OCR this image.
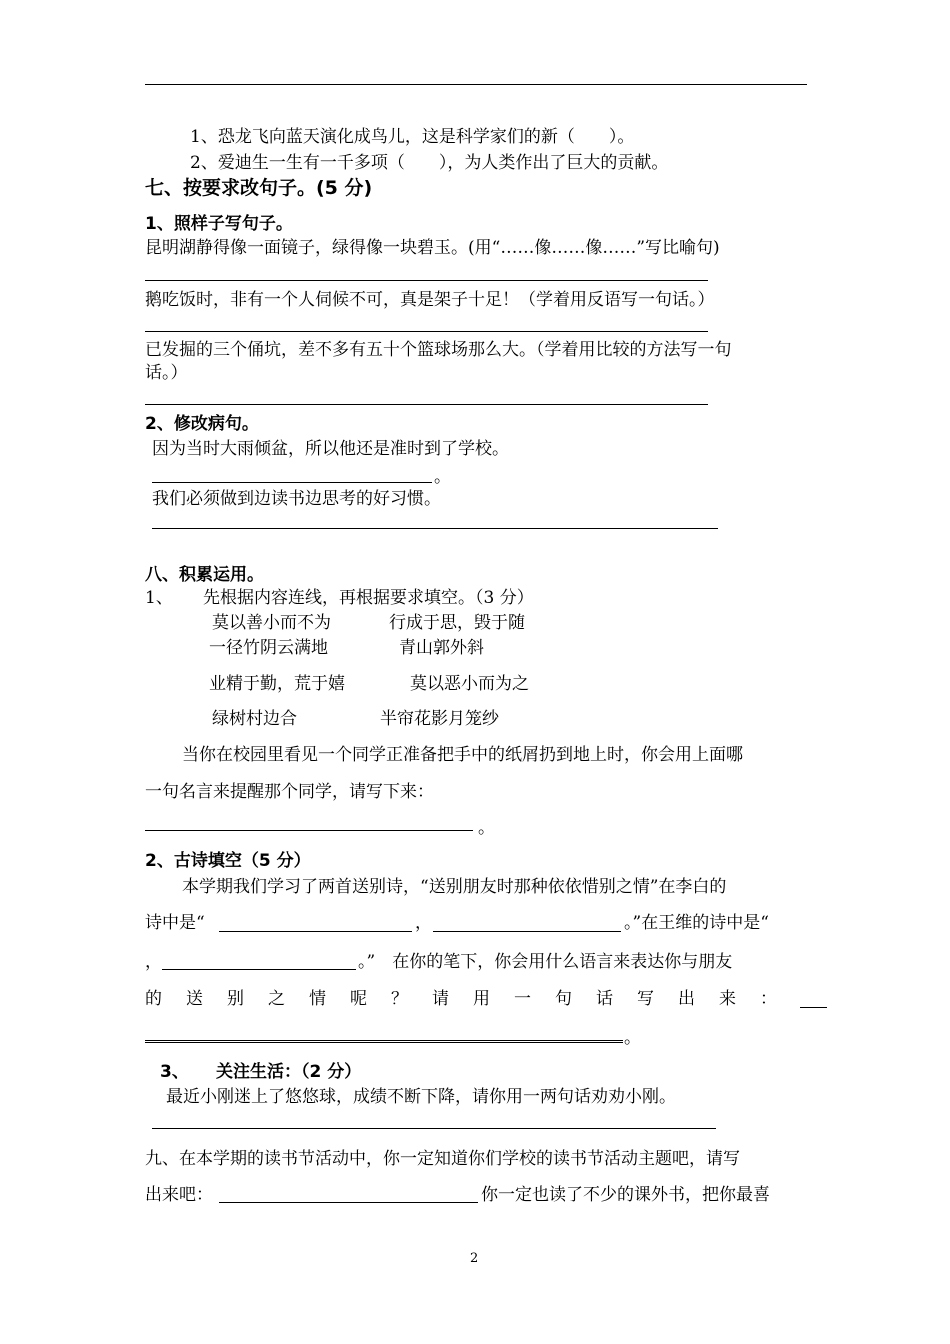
1、恐龙飞向蓝天演化成鸟儿，这是科学家们的新（　　）。
2、爱迪生一生有一千多项（　　），为人类作出了巨大的贡献。
七、按要求改句子。(5 分)
1、照样子写句子。
昆明湖静得像一面镜子，绿得像一块碧玉。(用“……像……像……”写比喻句)
鹅吃饭时，非有一个人伺候不可，真是架子十足！（学着用反语写一句话。）
已发掘的三个俑坑，差不多有五十个篮球场那么大。（学着用比较的方法写一句
话。）
2、修改病句。
因为当时大雨倾盆，所以他还是准时到了学校。
。
我们必须做到边读书边思考的好习惯。
八、积累运用。
1、 先根据内容连线，再根据要求填空。（3 分）
莫以善小而不为	行成于思，毁于随
一径竹阴云满地	青山郭外斜
业精于勤，荒于嬉	莫以恶小而为之
绿树村边合	半帘花影月笼纱
当你在校园里看见一个同学正准备把手中的纸屑扔到地上时，你会用上面哪
一句名言来提醒那个同学，请写下来：
。
2、古诗填空（5 分）
本学期我们学习了两首送别诗，“送别朋友时那种依依惜别之情”在李白的
诗中是“	，	。”在王维的诗中是“
，	。”　在你的笔下，你会用什么语言来表达你与朋友
的 送 别 之 情 呢 ？ 请 用 一 句 话 写 出 来 ：
。
3、 关注生活：（2 分）
最近小刚迷上了悠悠球，成绩不断下降，请你用一两句话劝劝小刚。
九、在本学期的读书节活动中，你一定知道你们学校的读书节活动主题吧，请写
出来吧：	你一定也读了不少的课外书，把你最喜
2
